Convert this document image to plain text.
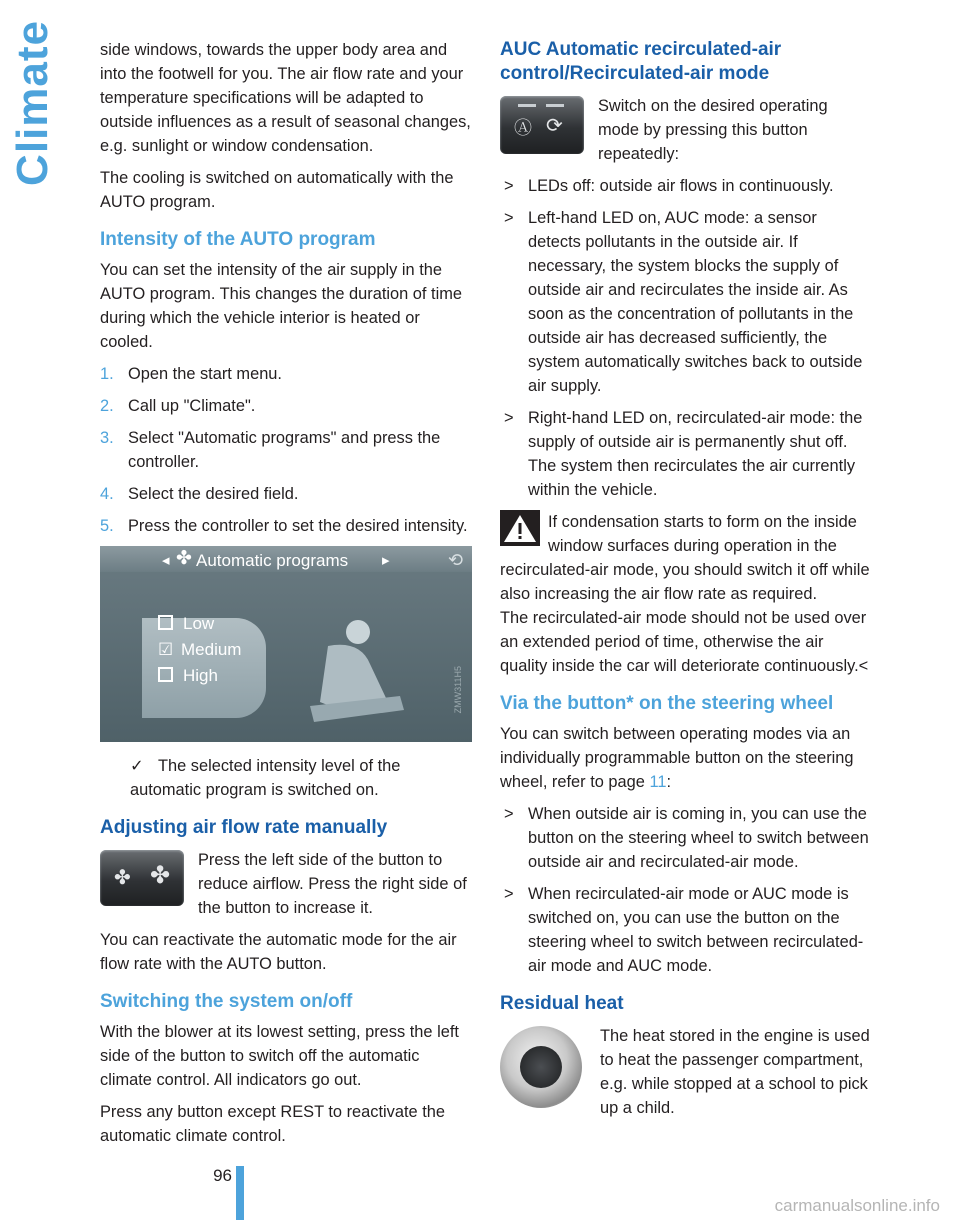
Climate	side windows, towards the upper body area and into the footwell for you. The air flow rate and your temperature specifications will be adapted to outside influences as a result of seasonal changes, e.g. sunlight or window condensation.

The cooling is switched on automatically with the AUTO program.

Intensity of the AUTO program

You can set the intensity of the air supply in the AUTO program. This changes the duration of time during which the vehicle interior is heated or cooled.

1. Open the start menu.
2. Call up "Climate".
3. Select "Automatic programs" and press the controller.
4. Select the desired field.
5. Press the controller to set the desired intensity.
◂ ✤ Automatic programs ▸	⟲
Low
☑ Medium
High	ZMW311H5

✓ The selected intensity level of the automatic program is switched on.

Adjusting air flow rate manually
✤ ✤

Press the left side of the button to reduce airflow. Press the right side of the button to increase it.

You can reactivate the automatic mode for the air flow rate with the AUTO button.

Switching the system on/off

With the blower at its lowest setting, press the left side of the button to switch off the automatic climate control. All indicators go out.

Press any button except REST to reactivate the automatic climate control.

AUC Automatic recirculated-air control/Recirculated-air mode
Ⓐ ⟳

Switch on the desired operating mode by pressing this button repeatedly:

> LEDs off: outside air flows in continuously.
> Left-hand LED on, AUC mode: a sensor detects pollutants in the outside air. If necessary, the system blocks the supply of outside air and recirculates the inside air. As soon as the concentration of pollutants in the outside air has decreased sufficiently, the system automatically switches back to outside air supply.
> Right-hand LED on, recirculated-air mode: the supply of outside air is permanently shut off. The system then recirculates the air currently within the vehicle.

If condensation starts to form on the inside window surfaces during operation in the recirculated-air mode, you should switch it off while also increasing the air flow rate as required.

The recirculated-air mode should not be used over an extended period of time, otherwise the air quality inside the car will deteriorate continuously.<

Via the button* on the steering wheel

You can switch between operating modes via an individually programmable button on the steering wheel, refer to page 11:

> When outside air is coming in, you can use the button on the steering wheel to switch between outside air and recirculated-air mode.
> When recirculated-air mode or AUC mode is switched on, you can use the button on the steering wheel to switch between recirculated-air mode and AUC mode.
Residual heat

The heat stored in the engine is used to heat the passenger compartment, e.g. while stopped at a school to pick up a child.

96
carmanualsonline.info
